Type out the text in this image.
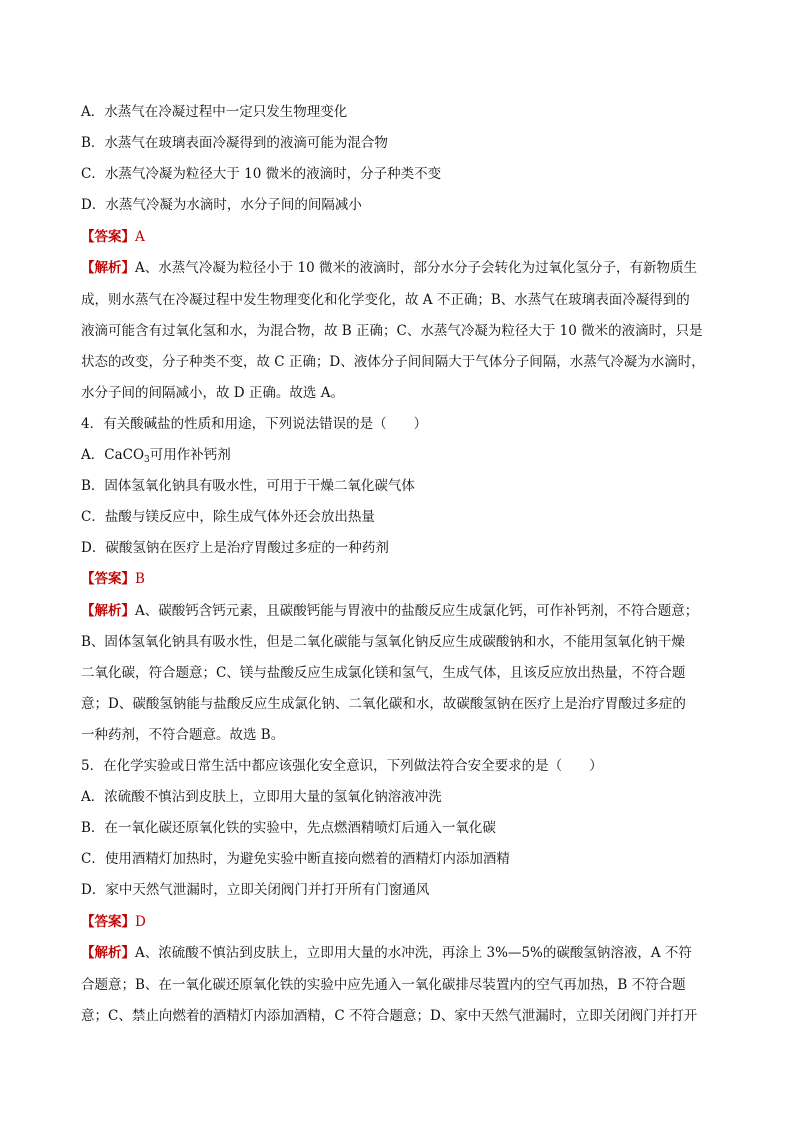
A．水蒸气在冷凝过程中一定只发生物理变化
B．水蒸气在玻璃表面冷凝得到的液滴可能为混合物
C．水蒸气冷凝为粒径大于 10 微米的液滴时，分子种类不变
D．水蒸气冷凝为水滴时，水分子间的间隔减小
【答案】A
【解析】A、水蒸气冷凝为粒径小于 10 微米的液滴时，部分水分子会转化为过氧化氢分子，有新物质生
成，则水蒸气在冷凝过程中发生物理变化和化学变化，故 A 不正确；B、水蒸气在玻璃表面冷凝得到的
液滴可能含有过氧化氢和水，为混合物，故 B 正确；C、水蒸气冷凝为粒径大于 10 微米的液滴时，只是
状态的改变，分子种类不变，故 C 正确；D、液体分子间间隔大于气体分子间隔，水蒸气冷凝为水滴时，
水分子间的间隔减小，故 D 正确。故选 A。
4．有关酸碱盐的性质和用途，下列说法错误的是（　　）
A．CaCO$_3$可用作补钙剂
B．固体氢氧化钠具有吸水性，可用于干燥二氧化碳气体
C．盐酸与镁反应中，除生成气体外还会放出热量
D．碳酸氢钠在医疗上是治疗胃酸过多症的一种药剂
【答案】B
【解析】A、碳酸钙含钙元素，且碳酸钙能与胃液中的盐酸反应生成氯化钙，可作补钙剂，不符合题意；
B、固体氢氧化钠具有吸水性，但是二氧化碳能与氢氧化钠反应生成碳酸钠和水，不能用氢氧化钠干燥
二氧化碳，符合题意；C、镁与盐酸反应生成氯化镁和氢气，生成气体，且该反应放出热量，不符合题
意；D、碳酸氢钠能与盐酸反应生成氯化钠、二氧化碳和水，故碳酸氢钠在医疗上是治疗胃酸过多症的
一种药剂，不符合题意。故选 B。
5．在化学实验或日常生活中都应该强化安全意识，下列做法符合安全要求的是（　　）
A．浓硫酸不慎沾到皮肤上，立即用大量的氢氧化钠溶液冲洗
B．在一氧化碳还原氧化铁的实验中，先点燃酒精喷灯后通入一氧化碳
C．使用酒精灯加热时，为避免实验中断直接向燃着的酒精灯内添加酒精
D．家中天然气泄漏时，立即关闭阀门并打开所有门窗通风
【答案】D
【解析】A、浓硫酸不慎沾到皮肤上，立即用大量的水冲洗，再涂上 3%—5%的碳酸氢钠溶液，A 不符
合题意；B、在一氧化碳还原氧化铁的实验中应先通入一氧化碳排尽装置内的空气再加热，B 不符合题
意；C、禁止向燃着的酒精灯内添加酒精，C 不符合题意；D、家中天然气泄漏时，立即关闭阀门并打开
